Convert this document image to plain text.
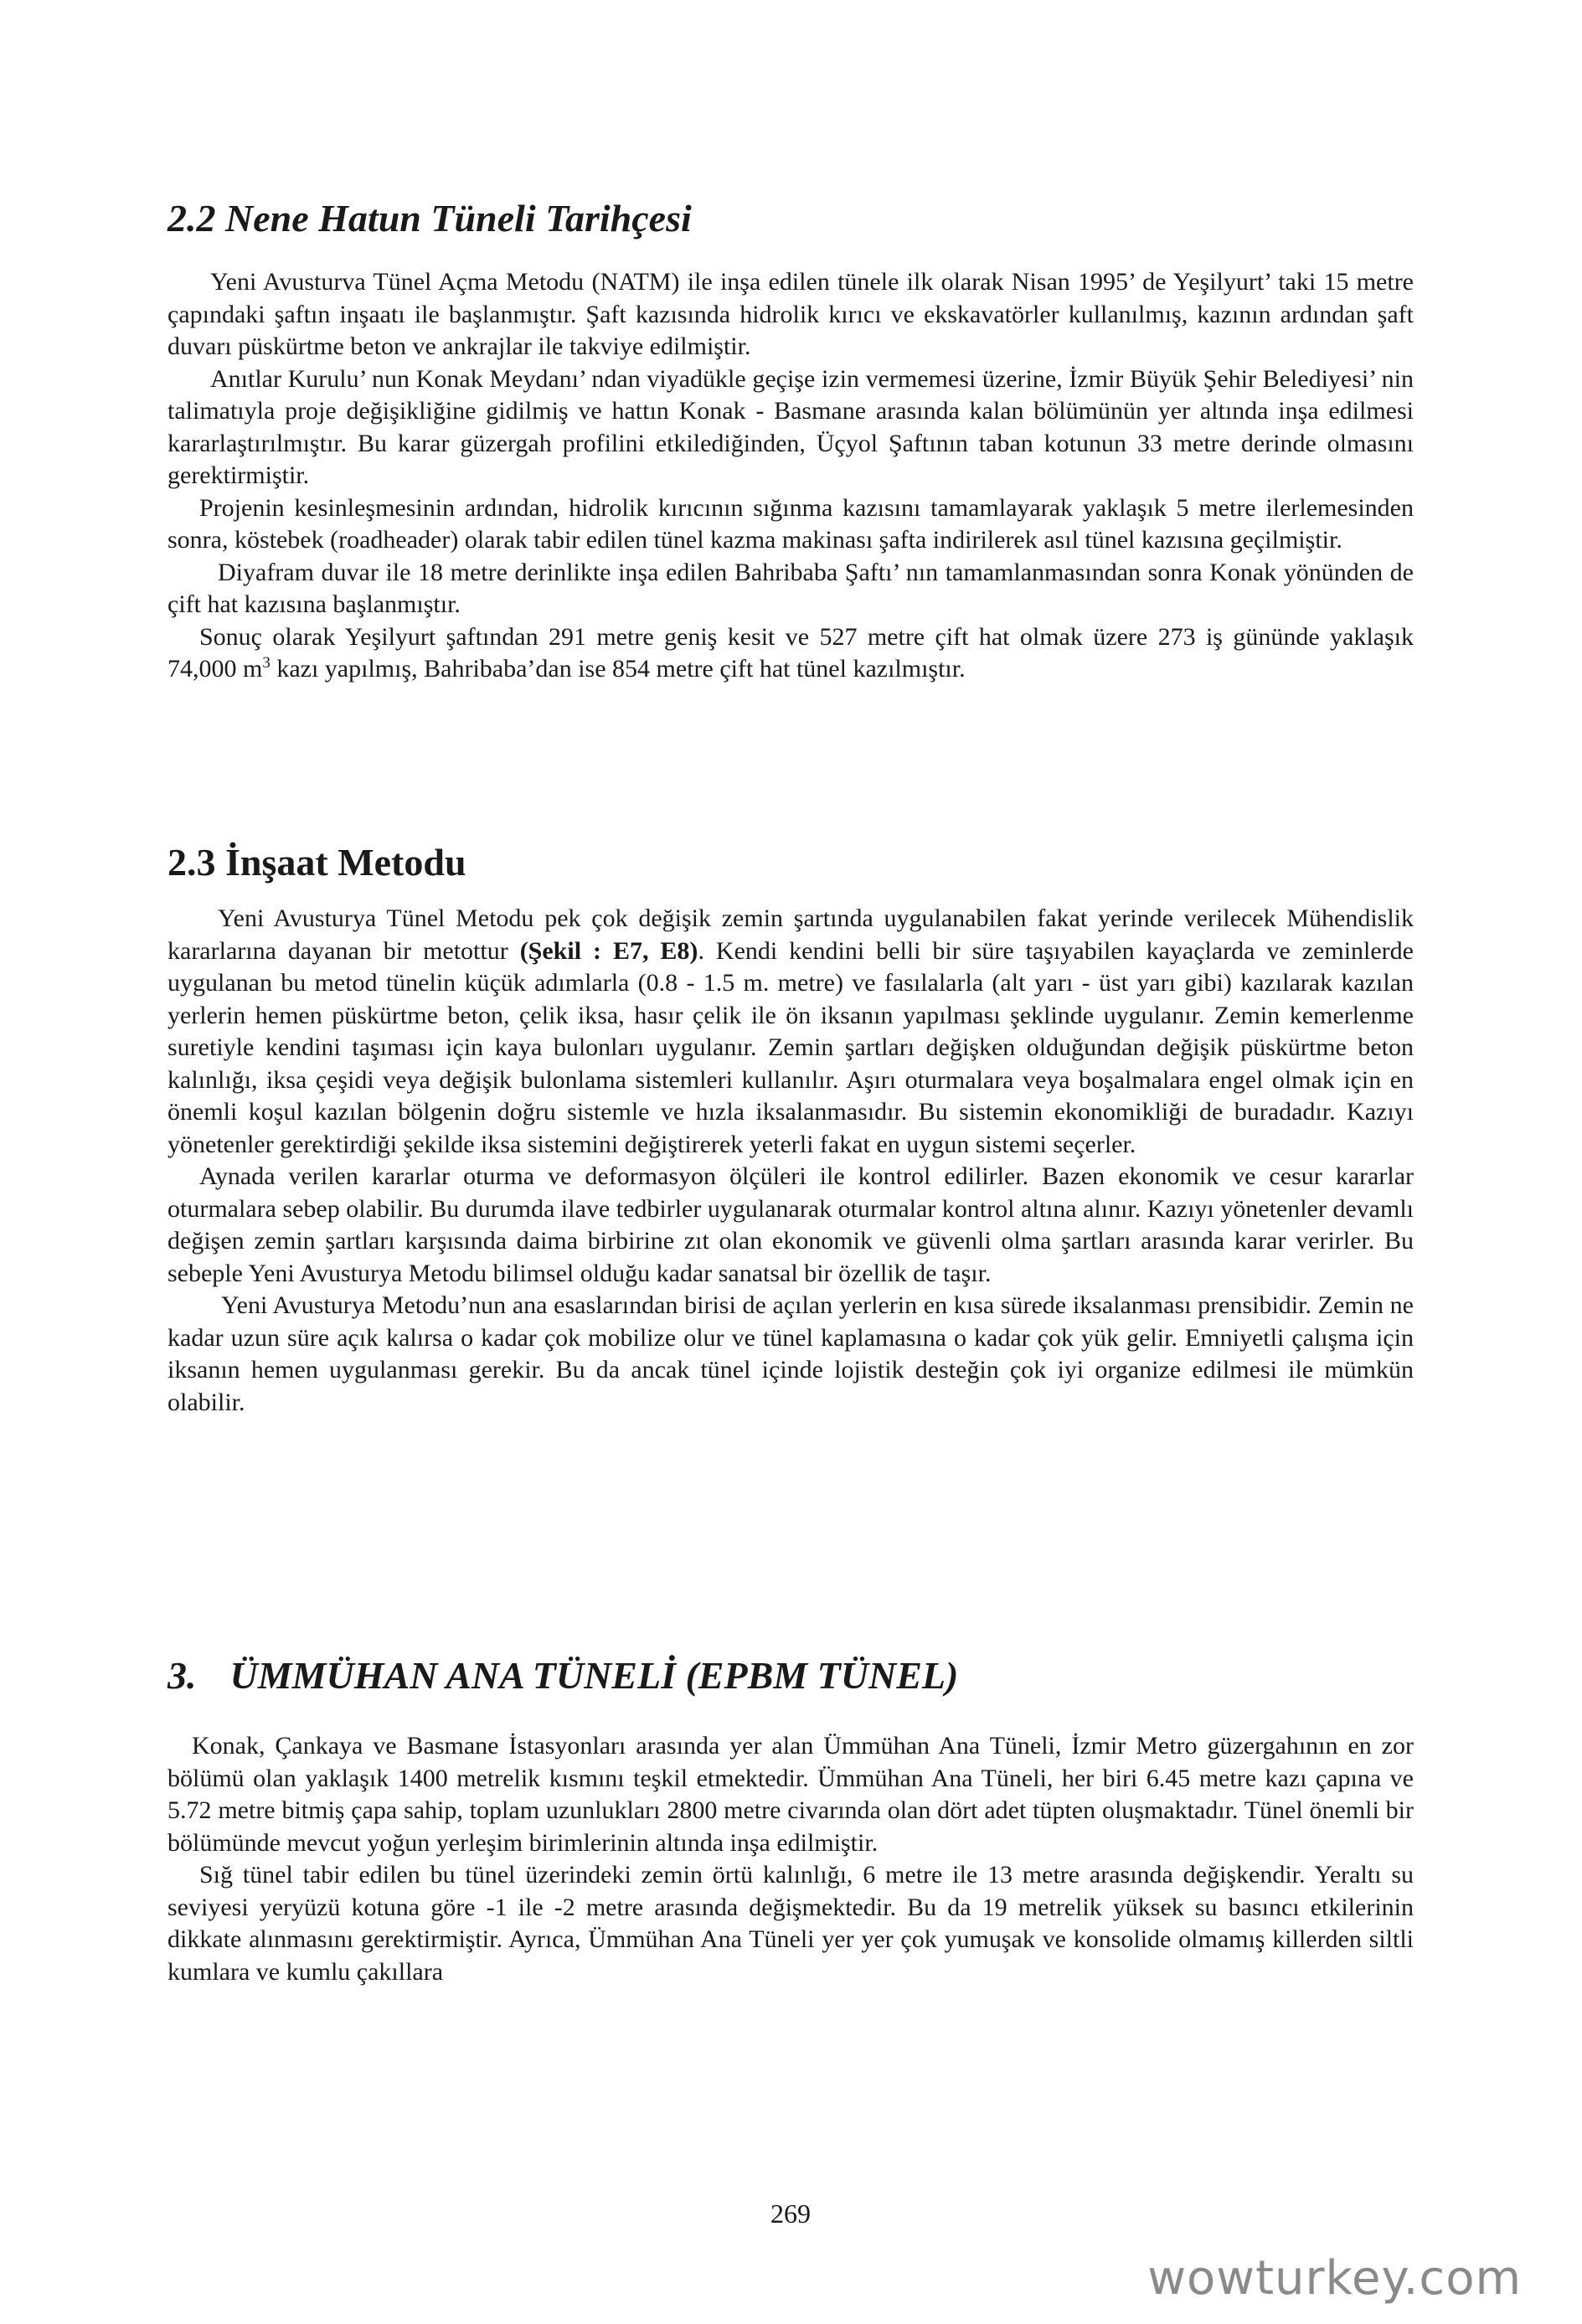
2.2 Nene Hatun Tüneli Tarihçesi

Yeni Avusturva Tünel Açma Metodu (NATM) ile inşa edilen tünele ilk olarak Nisan 1995’ de Yeşilyurt’ taki 15 metre çapındaki şaftın inşaatı ile başlanmıştır. Şaft kazısında hidrolik kırıcı ve ekskavatörler kullanılmış, kazının ardından şaft duvarı püskürtme beton ve ankrajlar ile takviye edilmiştir.

Anıtlar Kurulu’ nun Konak Meydanı’ ndan viyadükle geçişe izin vermemesi üzerine, İzmir Büyük Şehir Belediyesi’ nin talimatıyla proje değişikliğine gidilmiş ve hattın Konak - Basmane arasında kalan bölümünün yer altında inşa edilmesi kararlaştırılmıştır. Bu karar güzergah profilini etkilediğinden, Üçyol Şaftının taban kotunun 33 metre derinde olmasını gerektirmiştir.

Projenin kesinleşmesinin ardından, hidrolik kırıcının sığınma kazısını tamamlayarak yaklaşık 5 metre ilerlemesinden sonra, köstebek (roadheader) olarak tabir edilen tünel kazma makinası şafta indirilerek asıl tünel kazısına geçilmiştir.

Diyafram duvar ile 18 metre derinlikte inşa edilen Bahribaba Şaftı’ nın tamamlanmasından sonra Konak yönünden de çift hat kazısına başlanmıştır.

Sonuç olarak Yeşilyurt şaftından 291 metre geniş kesit ve 527 metre çift hat olmak üzere 273 iş gününde yaklaşık 74,000 $m^3$ kazı yapılmış, Bahribaba’dan ise 854 metre çift hat tünel kazılmıştır.

2.3 İnşaat Metodu

Yeni Avusturya Tünel Metodu pek çok değişik zemin şartında uygulanabilen fakat yerinde verilecek Mühendislik kararlarına dayanan bir metottur (Şekil : E7, E8). Kendi kendini belli bir süre taşıyabilen kayaçlarda ve zeminlerde uygulanan bu metod tünelin küçük adımlarla (0.8 - 1.5 m. metre) ve fasılalarla (alt yarı - üst yarı gibi) kazılarak kazılan yerlerin hemen püskürtme beton, çelik iksa, hasır çelik ile ön iksanın yapılması şeklinde uygulanır. Zemin kemerlenme suretiyle kendini taşıması için kaya bulonları uygulanır. Zemin şartları değişken olduğundan değişik püskürtme beton kalınlığı, iksa çeşidi veya değişik bulonlama sistemleri kullanılır. Aşırı oturmalara veya boşalmalara engel olmak için en önemli koşul kazılan bölgenin doğru sistemle ve hızla iksalanmasıdır. Bu sistemin ekonomikliği de buradadır. Kazıyı yönetenler gerektirdiği şekilde iksa sistemini değiştirerek yeterli fakat en uygun sistemi seçerler.

Aynada verilen kararlar oturma ve deformasyon ölçüleri ile kontrol edilirler. Bazen ekonomik ve cesur kararlar oturmalara sebep olabilir. Bu durumda ilave tedbirler uygulanarak oturmalar kontrol altına alınır. Kazıyı yönetenler devamlı değişen zemin şartları karşısında daima birbirine zıt olan ekonomik ve güvenli olma şartları arasında karar verirler. Bu sebeple Yeni Avusturya Metodu bilimsel olduğu kadar sanatsal bir özellik de taşır.

Yeni Avusturya Metodu’nun ana esaslarından birisi de açılan yerlerin en kısa sürede iksalanması prensibidir. Zemin ne kadar uzun süre açık kalırsa o kadar çok mobilize olur ve tünel kaplamasına o kadar çok yük gelir. Emniyetli çalışma için iksanın hemen uygulanması gerekir. Bu da ancak tünel içinde lojistik desteğin çok iyi organize edilmesi ile mümkün olabilir.

3. ÜMMÜHAN ANA TÜNELİ (EPBM TÜNEL)

Konak, Çankaya ve Basmane İstasyonları arasında yer alan Ümmühan Ana Tüneli, İzmir Metro güzergahının en zor bölümü olan yaklaşık 1400 metrelik kısmını teşkil etmektedir. Ümmühan Ana Tüneli, her biri 6.45 metre kazı çapına ve 5.72 metre bitmiş çapa sahip, toplam uzunlukları 2800 metre civarında olan dört adet tüpten oluşmaktadır. Tünel önemli bir bölümünde mevcut yoğun yerleşim birimlerinin altında inşa edilmiştir.

Sığ tünel tabir edilen bu tünel üzerindeki zemin örtü kalınlığı, 6 metre ile 13 metre arasında değişkendir. Yeraltı su seviyesi yeryüzü kotuna göre -1 ile -2 metre arasında değişmektedir. Bu da 19 metrelik yüksek su basıncı etkilerinin dikkate alınmasını gerektirmiştir. Ayrıca, Ümmühan Ana Tüneli yer yer çok yumuşak ve konsolide olmamış killerden siltli kumlara ve kumlu çakıllara

269
wowturkey.com
